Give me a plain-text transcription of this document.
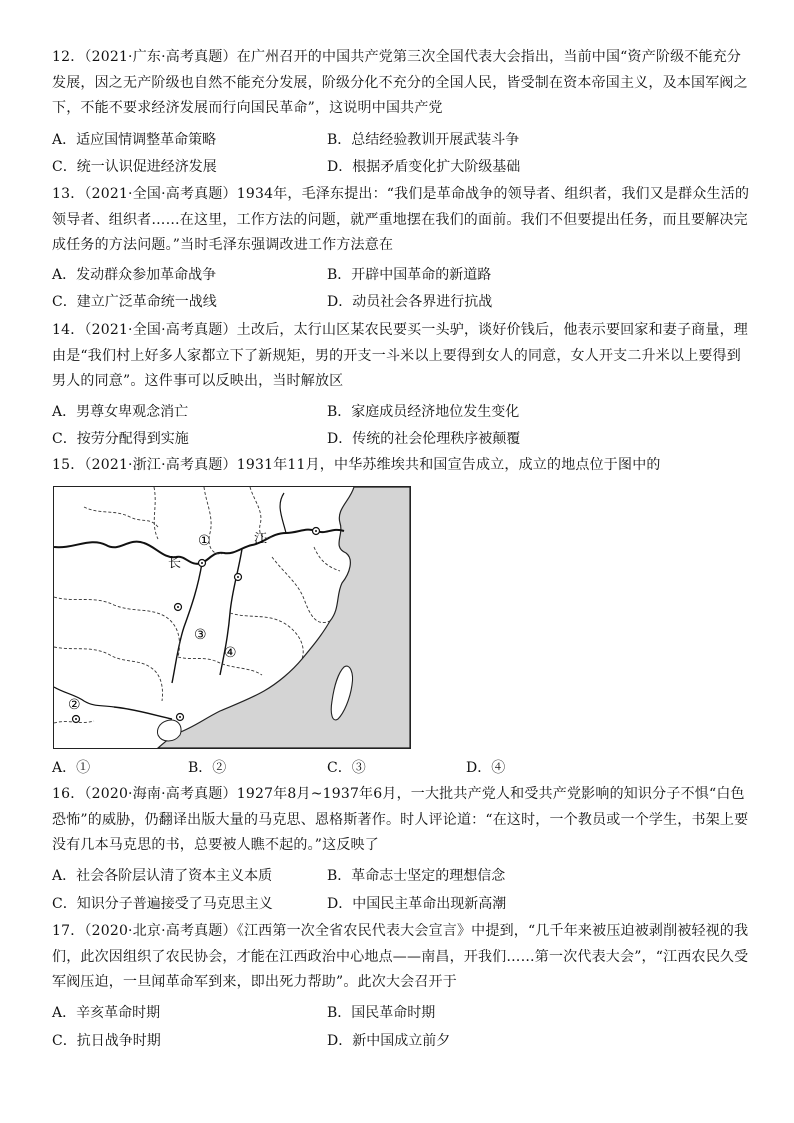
12．（2021·广东·高考真题）在广州召开的中国共产党第三次全国代表大会指出，当前中国“资产阶级不能充分发展，因之无产阶级也自然不能充分发展，阶级分化不充分的全国人民，皆受制在资本帝国主义，及本国军阀之下，不能不要求经济发展而行向国民革命”，这说明中国共产党
A．适应国情调整革命策略	B．总结经验教训开展武装斗争
C．统一认识促进经济发展	D．根据矛盾变化扩大阶级基础
13．（2021·全国·高考真题）1934年，毛泽东提出：“我们是革命战争的领导者、组织者，我们又是群众生活的领导者、组织者……在这里，工作方法的问题，就严重地摆在我们的面前。我们不但要提出任务，而且要解决完成任务的方法问题。”当时毛泽东强调改进工作方法意在
A．发动群众参加革命战争	B．开辟中国革命的新道路
C．建立广泛革命统一战线	D．动员社会各界进行抗战
14．（2021·全国·高考真题）土改后，太行山区某农民要买一头驴，谈好价钱后，他表示要回家和妻子商量，理由是“我们村上好多人家都立下了新规矩，男的开支一斗米以上要得到女人的同意，女人开支二升米以上要得到男人的同意”。这件事可以反映出，当时解放区
A．男尊女卑观念消亡	B．家庭成员经济地位发生变化
C．按劳分配得到实施	D．传统的社会伦理秩序被颠覆
15．（2021·浙江·高考真题）1931年11月，中华苏维埃共和国宣告成立，成立的地点位于图中的
长
江
①
②
③
④
A．①	B．②	C．③	D．④
16．（2020·海南·高考真题）1927年8月~1937年6月，一大批共产党人和受共产党影响的知识分子不惧“白色恐怖”的威胁，仍翻译出版大量的马克思、恩格斯著作。时人评论道：“在这时，一个教员或一个学生，书架上要没有几本马克思的书，总要被人瞧不起的。”这反映了
A．社会各阶层认清了资本主义本质	B．革命志士坚定的理想信念
C．知识分子普遍接受了马克思主义	D．中国民主革命出现新高潮
17．（2020·北京·高考真题）《江西第一次全省农民代表大会宣言》中提到，“几千年来被压迫被剥削被轻视的我们，此次因组织了农民协会，才能在江西政治中心地点——南昌，开我们……第一次代表大会”，“江西农民久受军阀压迫，一旦闻革命军到来，即出死力帮助”。此次大会召开于
A．辛亥革命时期	B．国民革命时期
C．抗日战争时期	D．新中国成立前夕
